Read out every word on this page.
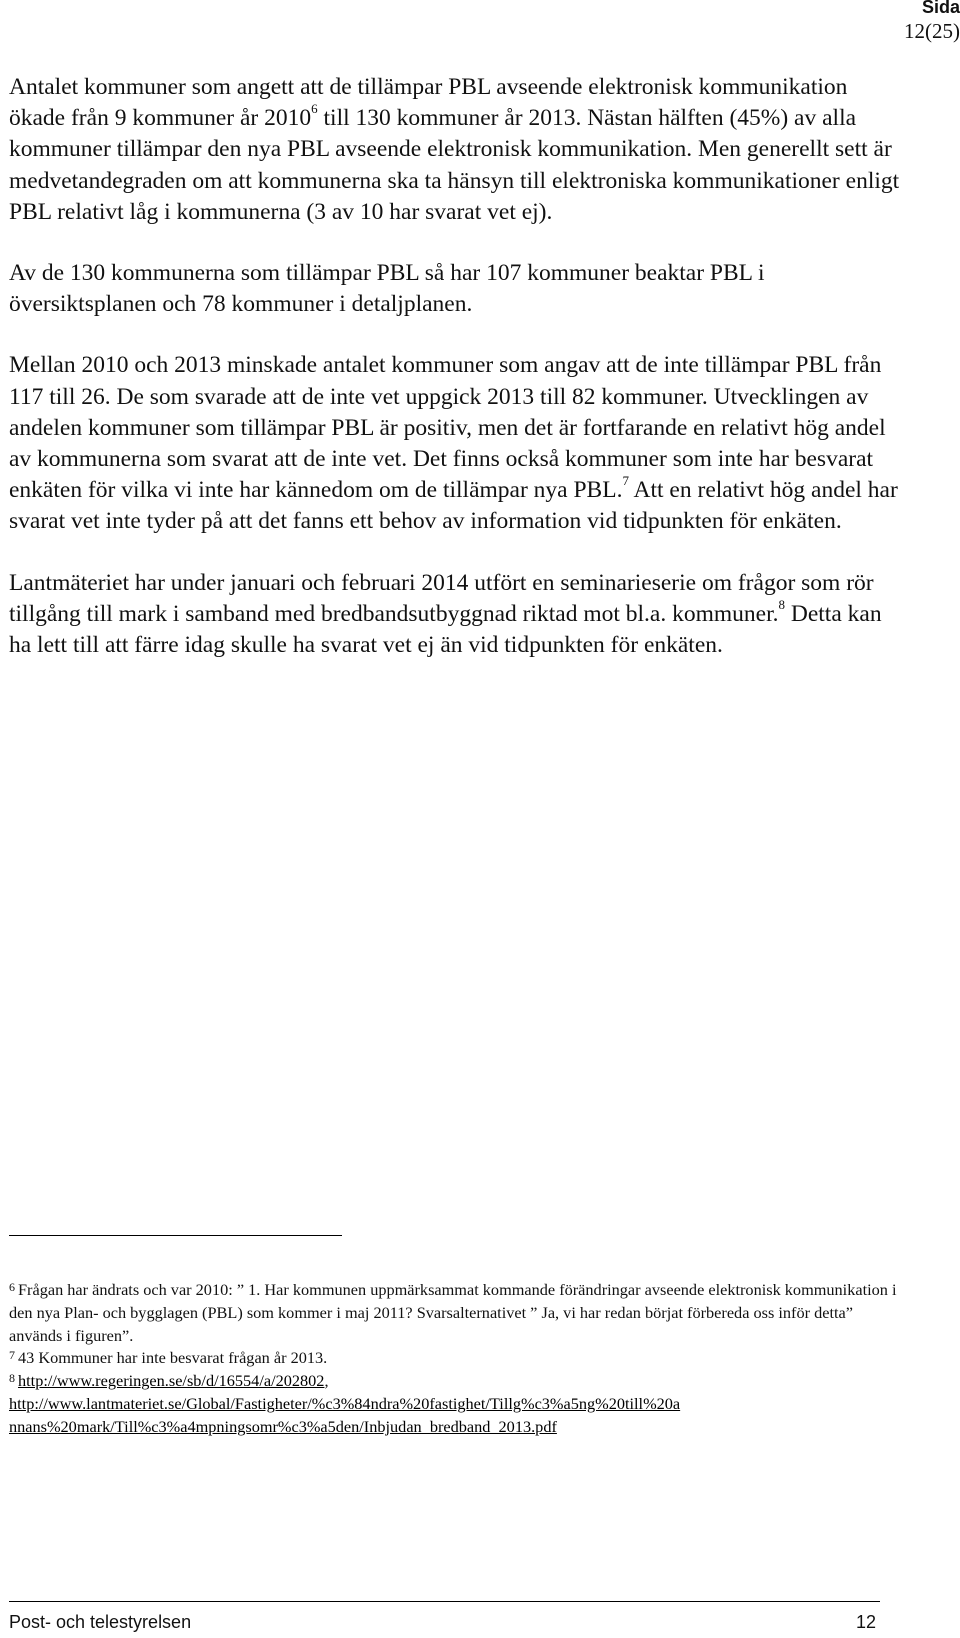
Sida
12(25)

Antalet kommuner som angett att de tillämpar PBL avseende elektronisk kommunikation ökade från 9 kommuner år 2010$^6$ till 130 kommuner år 2013. Nästan hälften (45%) av alla kommuner tillämpar den nya PBL avseende elektronisk kommunikation. Men generellt sett är medvetandegraden om att kommunerna ska ta hänsyn till elektroniska kommunikationer enligt PBL relativt låg i kommunerna (3 av 10 har svarat vet ej).

Av de 130 kommunerna som tillämpar PBL så har 107 kommuner beaktar PBL i översiktsplanen och 78 kommuner i detaljplanen.

Mellan 2010 och 2013 minskade antalet kommuner som angav att de inte tillämpar PBL från 117 till 26. De som svarade att de inte vet uppgick 2013 till 82 kommuner. Utvecklingen av andelen kommuner som tillämpar PBL är positiv, men det är fortfarande en relativt hög andel av kommunerna som svarat att de inte vet. Det finns också kommuner som inte har besvarat enkäten för vilka vi inte har kännedom om de tillämpar nya PBL.$^7$ Att en relativt hög andel har svarat vet inte tyder på att det fanns ett behov av information vid tidpunkten för enkäten.

Lantmäteriet har under januari och februari 2014 utfört en seminarieserie om frågor som rör tillgång till mark i samband med bredbandsutbyggnad riktad mot bl.a. kommuner.$^8$ Detta kan ha lett till att färre idag skulle ha svarat vet ej än vid tidpunkten för enkäten.

$^6$ Frågan har ändrats och var 2010: ” 1. Har kommunen uppmärksammat kommande förändringar avseende elektronisk kommunikation i den nya Plan- och bygglagen (PBL) som kommer i maj 2011? Svarsalternativet ” Ja, vi har redan börjat förbereda oss inför detta” används i figuren”.

$^7$ 43 Kommuner har inte besvarat frågan år 2013.

$^8$ http://www.regeringen.se/sb/d/16554/a/202802,
http://www.lantmateriet.se/Global/Fastigheter/%c3%84ndra%20fastighet/Tillg%c3%a5ng%20till%20a
nnans%20mark/Till%c3%a4mpningsomr%c3%a5den/Inbjudan_bredband_2013.pdf

Post- och telestyrelsen	12
